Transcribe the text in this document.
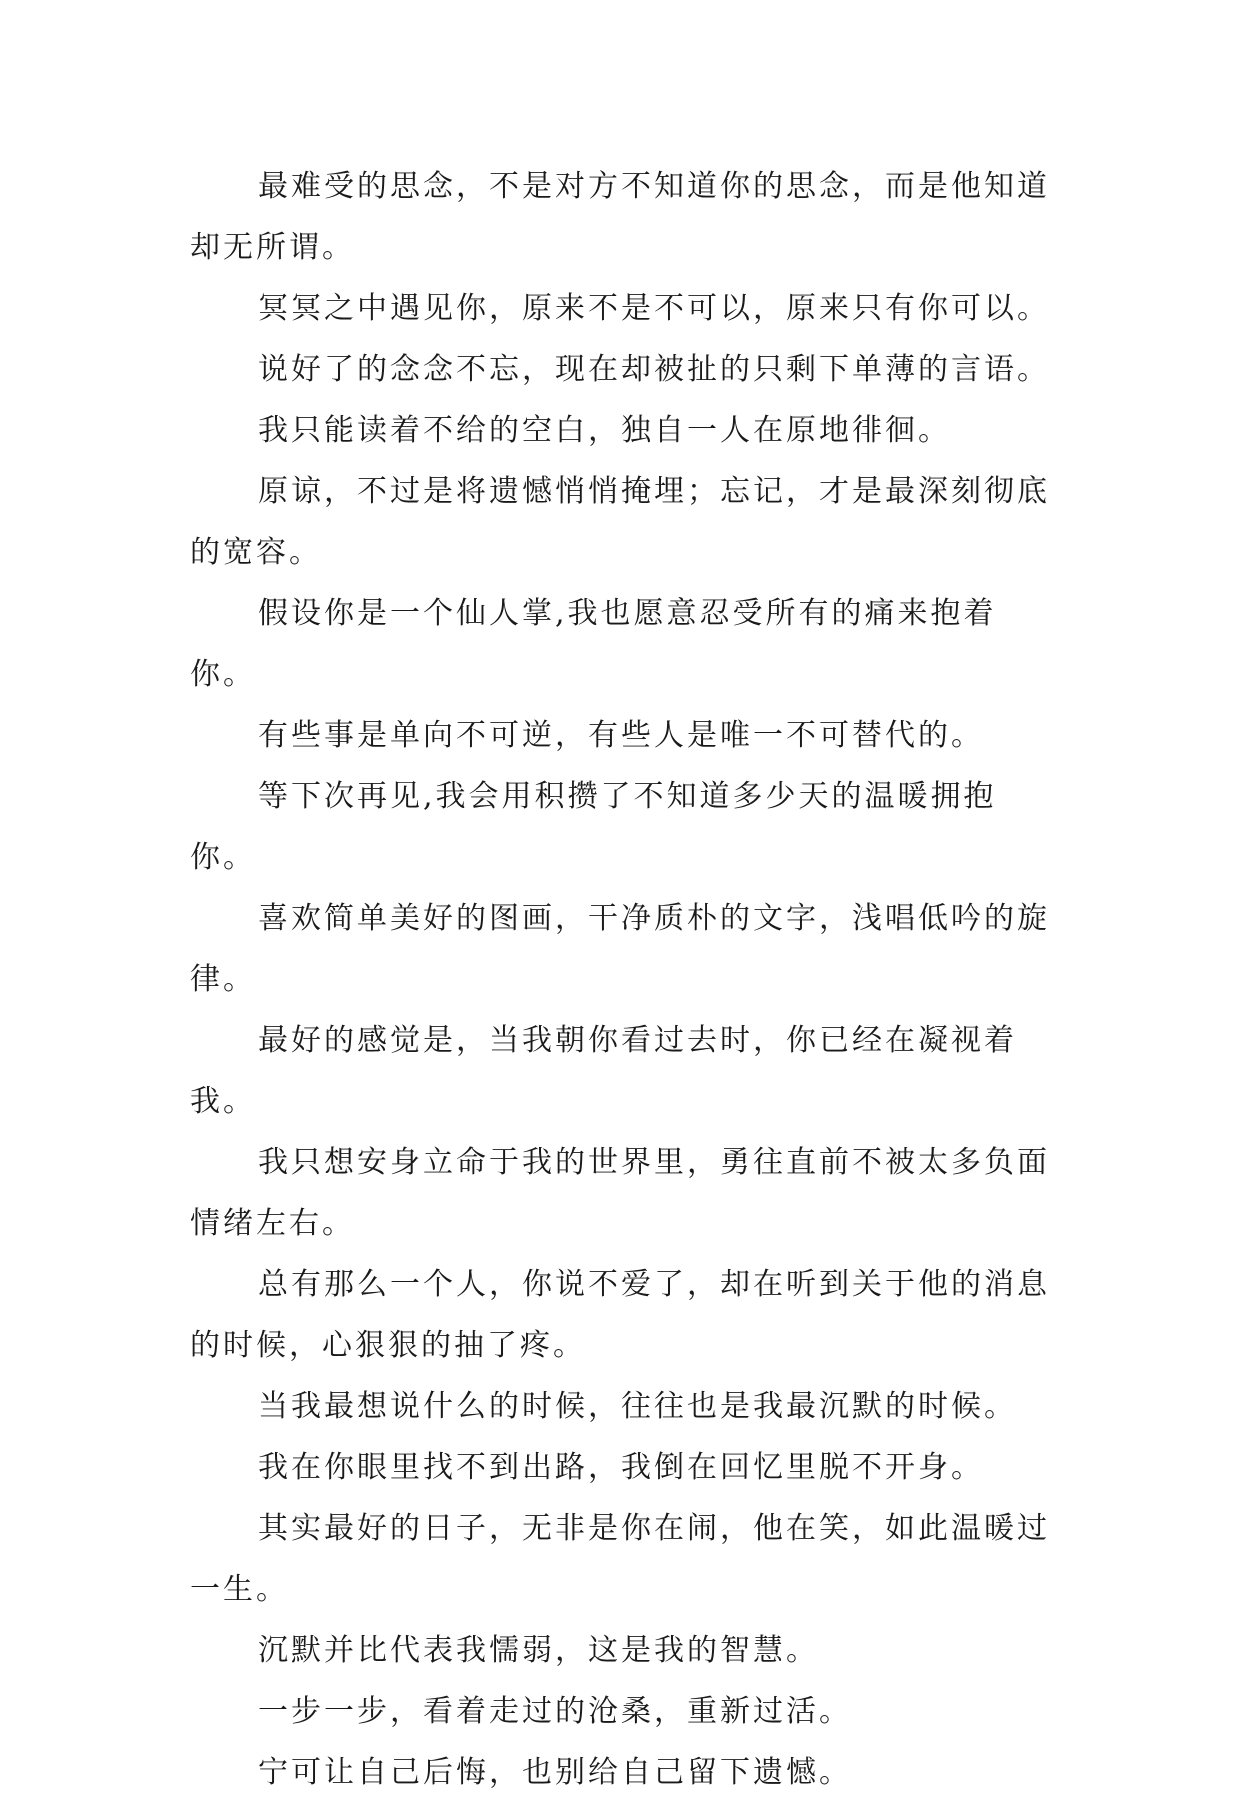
最难受的思念，不是对方不知道你的思念，而是他知道却无所谓。

冥冥之中遇见你，原来不是不可以，原来只有你可以。

说好了的念念不忘，现在却被扯的只剩下单薄的言语。

我只能读着不给的空白，独自一人在原地徘徊。

原谅，不过是将遗憾悄悄掩埋；忘记，才是最深刻彻底的宽容。

假设你是一个仙人掌,我也愿意忍受所有的痛来抱着你。

有些事是单向不可逆，有些人是唯一不可替代的。

等下次再见,我会用积攒了不知道多少天的温暖拥抱你。

喜欢简单美好的图画，干净质朴的文字，浅唱低吟的旋律。

最好的感觉是，当我朝你看过去时，你已经在凝视着我。

我只想安身立命于我的世界里，勇往直前不被太多负面情绪左右。

总有那么一个人，你说不爱了，却在听到关于他的消息的时候，心狠狠的抽了疼。

当我最想说什么的时候，往往也是我最沉默的时候。

我在你眼里找不到出路，我倒在回忆里脱不开身。

其实最好的日子，无非是你在闹，他在笑，如此温暖过一生。

沉默并比代表我懦弱，这是我的智慧。

一步一步，看着走过的沧桑，重新过活。

宁可让自己后悔，也别给自己留下遗憾。
